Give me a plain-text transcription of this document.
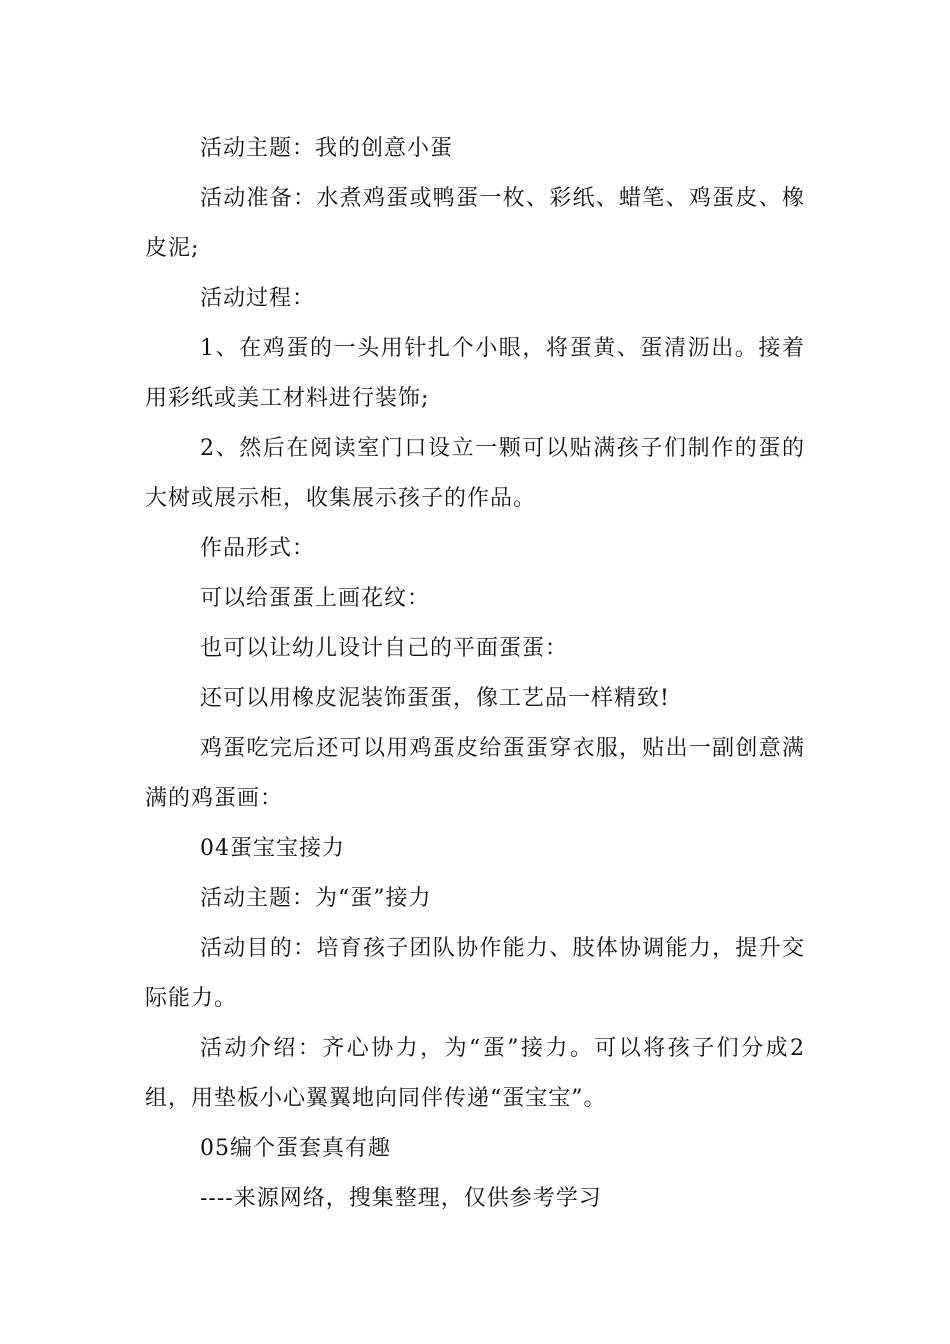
活动主题：我的创意小蛋

活动准备：水煮鸡蛋或鸭蛋一枚、彩纸、蜡笔、鸡蛋皮、橡皮泥;

活动过程：

1、在鸡蛋的一头用针扎个小眼，将蛋黄、蛋清沥出。接着用彩纸或美工材料进行装饰;

2、然后在阅读室门口设立一颗可以贴满孩子们制作的蛋的大树或展示柜，收集展示孩子的作品。

作品形式：

可以给蛋蛋上画花纹：

也可以让幼儿设计自己的平面蛋蛋：

还可以用橡皮泥装饰蛋蛋，像工艺品一样精致!

鸡蛋吃完后还可以用鸡蛋皮给蛋蛋穿衣服，贴出一副创意满满的鸡蛋画：

04蛋宝宝接力

活动主题：为“蛋”接力

活动目的：培育孩子团队协作能力、肢体协调能力，提升交际能力。

活动介绍：齐心协力，为“蛋”接力。可以将孩子们分成2组，用垫板小心翼翼地向同伴传递“蛋宝宝”。

05编个蛋套真有趣

----来源网络，搜集整理，仅供参考学习
